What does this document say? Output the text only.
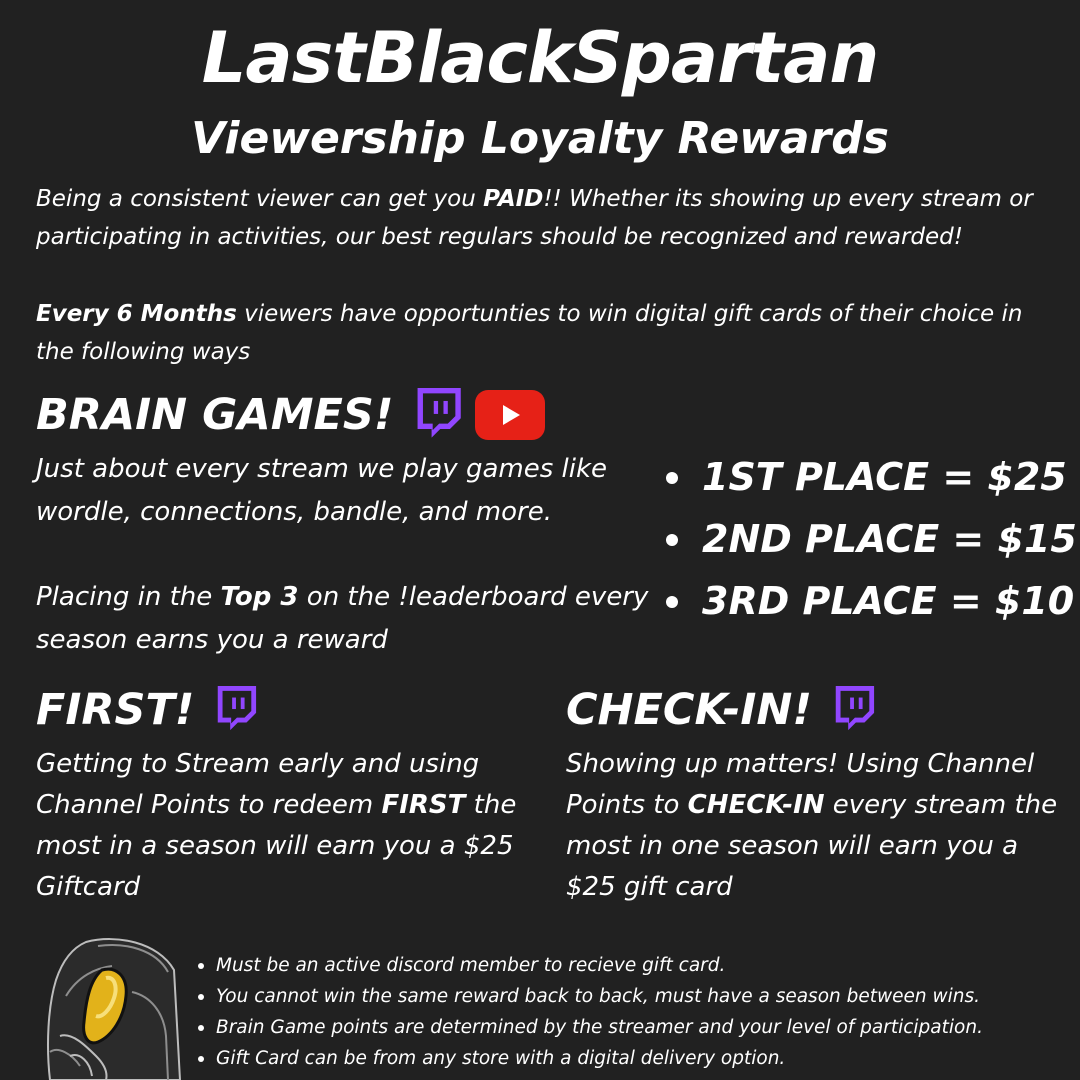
LastBlackSpartan
Viewership Loyalty Rewards

Being a consistent viewer can get you PAID!! Whether its showing up every stream or participating in activities, our best regulars should be recognized and rewarded!

Every 6 Months viewers have opportunties to win digital gift cards of their choice in the following ways

BRAIN GAMES!

Just about every stream we play games like wordle, connections, bandle, and more.

Placing in the Top 3 on the !leaderboard every season earns you a reward

1ST PLACE = $25
2ND PLACE = $15
3RD PLACE = $10
FIRST!

Getting to Stream early and using Channel Points to redeem FIRST the most in a season will earn you a $25 Giftcard

CHECK-IN!

Showing up matters! Using Channel Points to CHECK-IN every stream the most in one season will earn you a $25 gift card

Must be an active discord member to recieve gift card.
You cannot win the same reward back to back, must have a season between wins.
Brain Game points are determined by the streamer and your level of participation.
Gift Card can be from any store with a digital delivery option.
